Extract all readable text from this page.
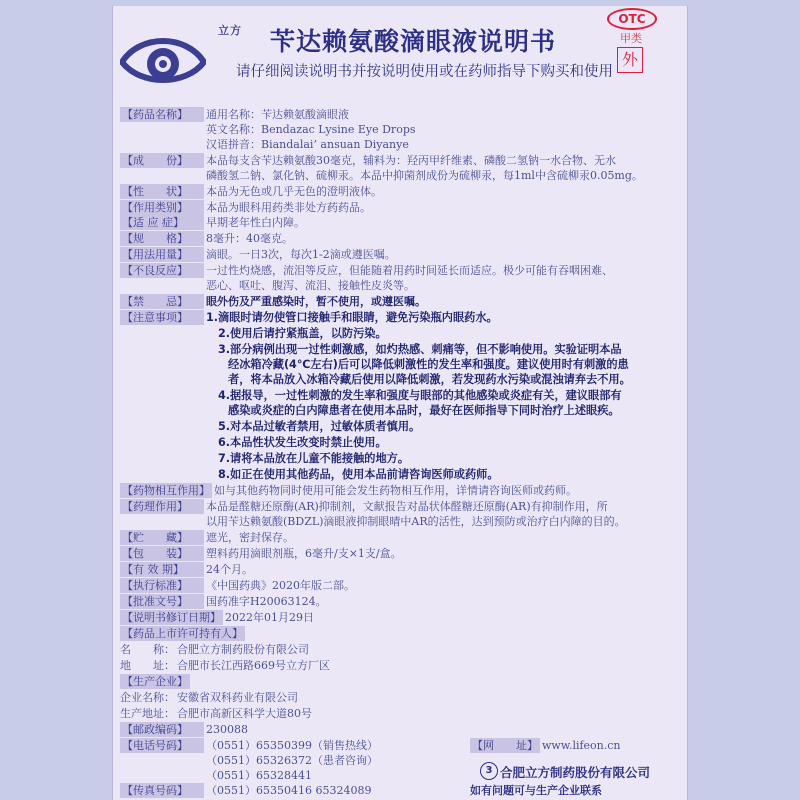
立方 苄达赖氨酸滴眼液说明书
请仔细阅读说明书并按说明使用或在药师指导下购买和使用
OTC
甲类
外
【药品名称】 通用名称：苄达赖氨酸滴眼液
英文名称：Bendazac Lysine Eye Drops
汉语拼音：Biandalai’ ansuan Diyanye
【成　　份】 本品每支含苄达赖氨酸30毫克，辅料为：羟丙甲纤维素、磷酸二氢钠一水合物、无水
磷酸氢二钠、氯化钠、硫柳汞。本品中抑菌剂成份为硫柳汞，每1ml中含硫柳汞0.05mg。
【性　　状】 本品为无色或几乎无色的澄明液体。
【作用类别】 本品为眼科用药类非处方药药品。
【适 应 症】 早期老年性白内障。
【规　　格】 8毫升：40毫克。
【用法用量】 滴眼。一日3次，每次1-2滴或遵医嘱。
【不良反应】 一过性灼烧感，流泪等反应，但能随着用药时间延长而适应。极少可能有吞咽困难、
恶心、呕吐、腹泻、流泪、接触性皮炎等。
【禁　　忌】 眼外伤及严重感染时，暂不使用，或遵医嘱。
【注意事项】	1.滴眼时请勿使管口接触手和眼睛，避免污染瓶内眼药水。
2.使用后请拧紧瓶盖，以防污染。
3.部分病例出现一过性刺激感，如灼热感、刺痛等，但不影响使用。实验证明本品
经冰箱冷藏(4℃左右)后可以降低刺激性的发生率和强度。建议使用时有刺激的患
者，将本品放入冰箱冷藏后使用以降低刺激，若发现药水污染或混浊请弃去不用。
4.据报导，一过性刺激的发生率和强度与眼部的其他感染或炎症有关，建议眼部有
感染或炎症的白内障患者在使用本品时，最好在医师指导下同时治疗上述眼疾。
5.对本品过敏者禁用，过敏体质者慎用。
6.本品性状发生改变时禁止使用。
7.请将本品放在儿童不能接触的地方。
8.如正在使用其他药品，使用本品前请咨询医师或药师。
【药物相互作用】 如与其他药物同时使用可能会发生药物相互作用，详情请咨询医师或药师。
【药理作用】 本品是醛糖还原酶(AR)抑制剂，文献报告对晶状体醛糖还原酶(AR)有抑制作用，所
以用苄达赖氨酸(BDZL)滴眼液抑制眼晴中AR的活性，达到预防或治疗白内障的目的。
【贮　　藏】 遮光，密封保存。
【包　　装】 塑料药用滴眼剂瓶，6毫升/支×1支/盒。
【有 效 期】 24个月。
【执行标准】 《中国药典》2020年版二部。
【批准文号】 国药准字H20063124。
【说明书修订日期】 2022年01月29日
【药品上市许可持有人】
名　　称： 合肥立方制药股份有限公司
地　　址： 合肥市长江西路669号立方厂区
【生产企业】
企业名称： 安徽省双科药业有限公司
生产地址： 合肥市高新区科学大道80号
【邮政编码】 230088
【电话号码】 （0551）65350399（销售热线）
（0551）65326372（患者咨询）
（0551）65328441
【传真号码】 （0551）65350416 65324089
3 合肥立方制药股份有限公司
【网　　址】 www.lifeon.cn
如有问题可与生产企业联系
